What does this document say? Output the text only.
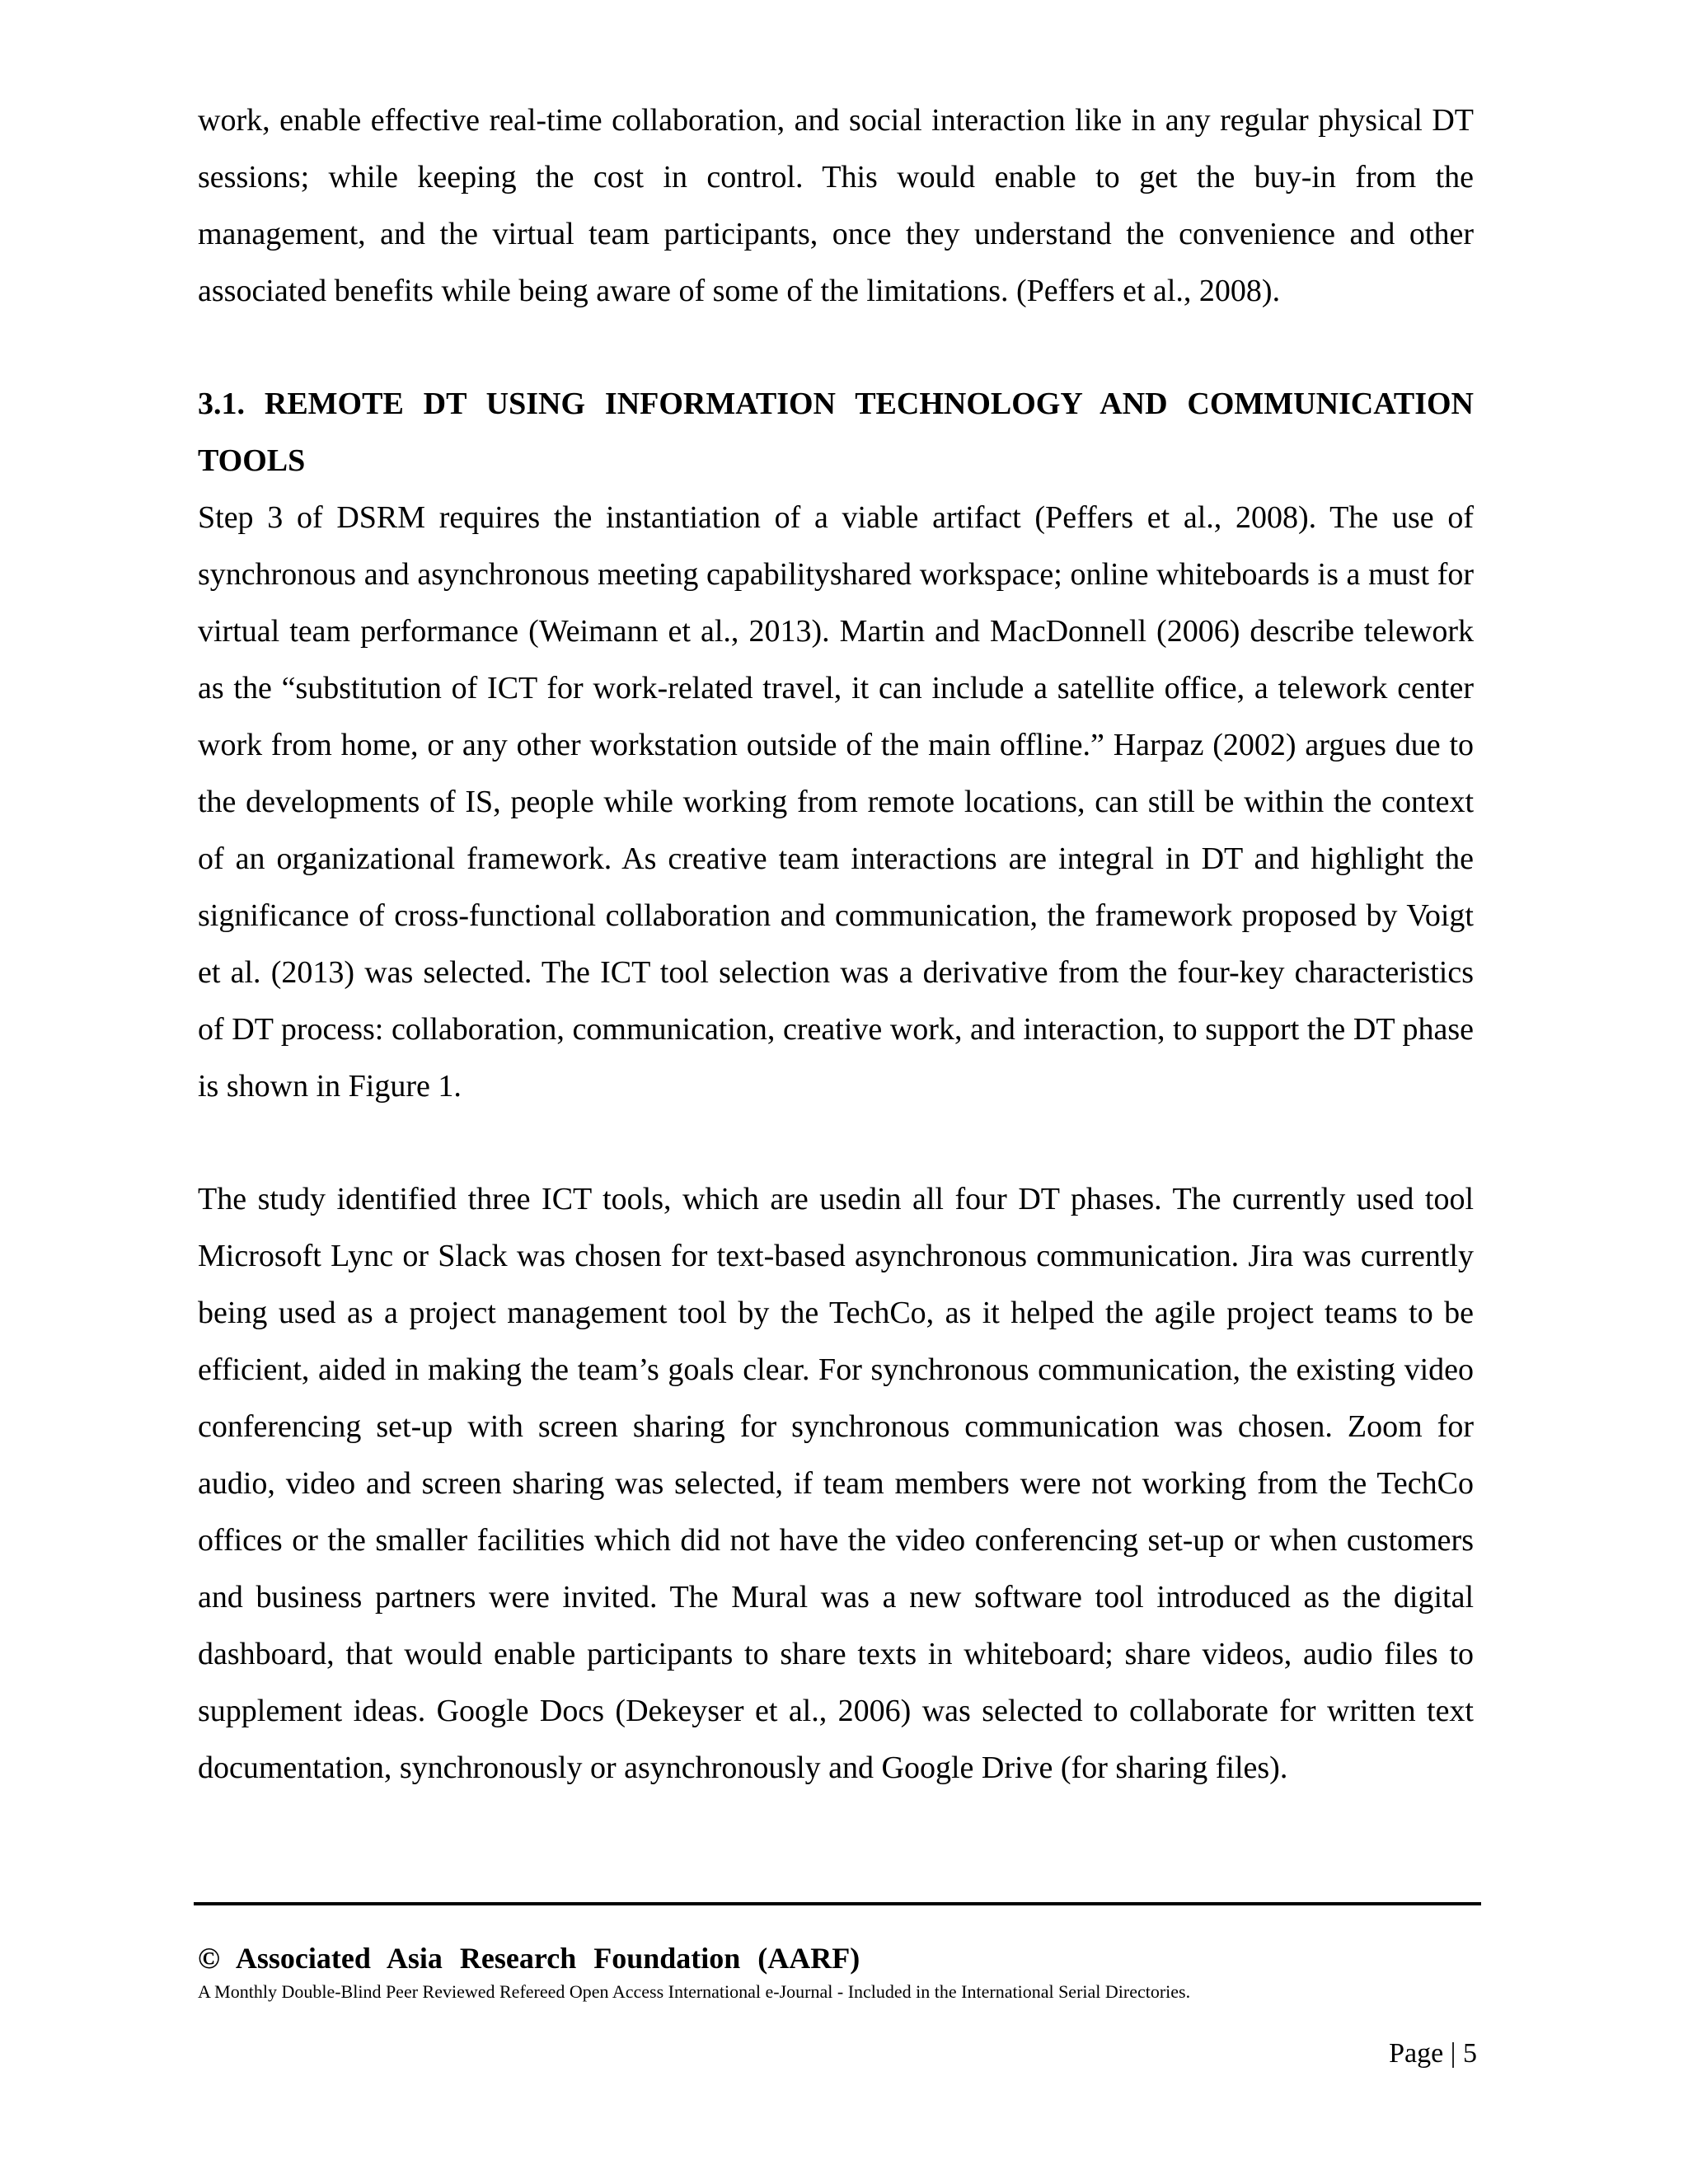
work, enable effective real-time collaboration, and social interaction like in any regular physical DT sessions; while keeping the cost in control. This would enable to get the buy-in from the management, and the virtual team participants, once they understand the convenience and other associated benefits while being aware of some of the limitations. (Peffers et al., 2008).

3.1. REMOTE DT USING INFORMATION TECHNOLOGY AND COMMUNICATION TOOLS

Step 3 of DSRM requires the instantiation of a viable artifact (Peffers et al., 2008). The use of synchronous and asynchronous meeting capabilityshared workspace; online whiteboards is a must for virtual team performance (Weimann et al., 2013). Martin and MacDonnell (2006) describe telework as the “substitution of ICT for work-related travel, it can include a satellite office, a telework center work from home, or any other workstation outside of the main offline.” Harpaz (2002) argues due to the developments of IS, people while working from remote locations, can still be within the context of an organizational framework. As creative team interactions are integral in DT and highlight the significance of cross-functional collaboration and communication, the framework proposed by Voigt et al. (2013) was selected. The ICT tool selection was a derivative from the four-key characteristics of DT process: collaboration, communication, creative work, and interaction, to support the DT phase is shown in Figure 1.

The study identified three ICT tools, which are usedin all four DT phases. The currently used tool Microsoft Lync or Slack was chosen for text-based asynchronous communication. Jira was currently being used as a project management tool by the TechCo, as it helped the agile project teams to be efficient, aided in making the team’s goals clear. For synchronous communication, the existing video conferencing set-up with screen sharing for synchronous communication was chosen. Zoom for audio, video and screen sharing was selected, if team members were not working from the TechCo offices or the smaller facilities which did not have the video conferencing set-up or when customers and business partners were invited. The Mural was a new software tool introduced as the digital dashboard, that would enable participants to share texts in whiteboard; share videos, audio files to supplement ideas. Google Docs (Dekeyser et al., 2006) was selected to collaborate for written text documentation, synchronously or asynchronously and Google Drive (for sharing files).

© Associated Asia Research Foundation (AARF)
A Monthly Double-Blind Peer Reviewed Refereed Open Access International e-Journal - Included in the International Serial Directories.
Page | 5
